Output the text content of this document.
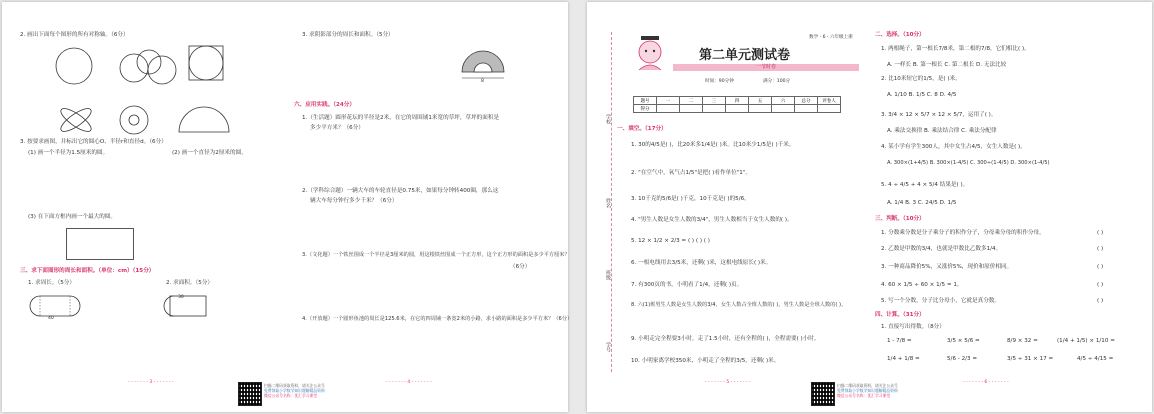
2. 画出下面每个图形的所有对称轴。（6分）
3. 按要求画图，并标出它的圆心O、半径r和直径d。（6分）
(1) 画一个半径为1.5厘米的圆。	(2) 画一个直径为2厘米的圆。
(3) 在下面方框内画一个最大的圆。
三、求下面图形的周长和面积。（单位：cm）（15分）
1. 求周长。（5分）	2. 求面积。（5分）
40
30
3. 求阴影部分的周长和面积。（5分）
8
六、应用实践。（24分）
1.（生活题）圆形花坛的半径是2米，在它的周围铺1米宽的草坪，草坪的面积是
多少平方米？（6分）
2.（学科综合题）一辆大车的车轮直径是0.75米，如果每分钟转400圈，那么这
辆大车每分钟行多少千米？（6分）
3.（文化题）一个铁丝围成一个半径是3厘米的圆，用这根铁丝围成一个正方形，这个正方形的面积是多少平方厘米？
（6分）
4.（开放题）一个圆形鱼池的周长是125.6米，在它的四周铺一条宽2米的小路，求小路的面积是多少平方米？（6分）
- - - - - - - 3 - - - - - - -	- - - - - - - 4 - - - - - - -
扫描二维码获取资料，请关注公众号
免费领取小学数学知识题解精品资料
微信公众号名称：优汇学习课堂
学校
姓名
班级
学号
数学 · 6 · 六年级上册
第二单元测试卷
一节时卷
时间：90分钟	满分：100分
题号	一	二	三	四	五	六	总分	评卷人
得分								
一、填空。（17分）
1. 30的4/5是( )，比20米多1/4是( )米。比10米少1/5是( )千米。
2. "在空气中，氧气占1/5"是把( )看作单位"1"。
3. 10千克的5/6是( )千克，10千克是( )的5/6。
4. "男生人数是女生人数的3/4"，男生人数相当于女生人数的( )。
5. 12 × 1/2 × 2/3 = ( ) ( ) ( )
6. 一根电线用去3/5米，还剩( )米，这根电线原长( )米。
7. 有300页的书，小明看了1/4，还剩( )页。
8. 六(1)班男生人数是女生人数的3/4，女生人数占全班人数的( )，男生人数是全班人数的( )。
9. 小明走完全程要3小时，走了1.5小时，还有全程的( )，全程需要( )小时。
10. 小明家离学校350米，小明走了全程的3/5，还剩( )米。
二、选择。（10分）
1. 两根绳子，第一根长7/8米，第二根的7/8，它们相比( )。
A. 一样长 B. 第一根长 C. 第二根长 D. 无法比较
2. 比10米短它的1/5，是( )米。
A. 1/10 B. 1/5 C. 8 D. 4/5
3. 3/4 × 12 × 5/7 × 12 × 5/7，运用了( )。
A. 乘法交换律 B. 乘法结合律 C. 乘法分配律
4. 某小学有学生300人，其中女生占4/5，女生人数是( )。
A. 300×(1+4/5) B. 300×(1-4/5) C. 300÷(1-4/5) D. 300×(1-4/5)
5. 4 ÷ 4/5 + 4 × 5/4 结果是( )。
A. 1/4 B. 3 C. 24/5 D. 1/5
三、判断。（10分）
1. 分数乘分数是分子乘分子的积作分子，分母乘分母的积作分母。	( )
2. 乙数是甲数的3/4，也就是甲数比乙数多1/4。	( )
3. 一种商品降价5%，又涨价5%，现价和原价相同。	( )
4. 60 × 1/5 ÷ 60 × 1/5 = 1。	( )
5. 写一个分数，分子比分母小，它就是真分数。	( )
四、计算。（31分）
1. 直接写出得数。（8分）
1 - 7/8 =	3/5 × 5/6 =	8/9 × 32 =	(1/4 + 1/5) × 1/10 =
1/4 + 1/8 =	5/6 - 2/3 =	3/5 ÷ 31 × 17 =	4/5 ÷ 4/15 =
- - - - - - - 5 - - - - - - -	- - - - - - - 6 - - - - - - -
扫描二维码获取资料，请关注公众号
免费领取小学数学知识题解精品资料
微信公众号名称：优汇学习课堂
